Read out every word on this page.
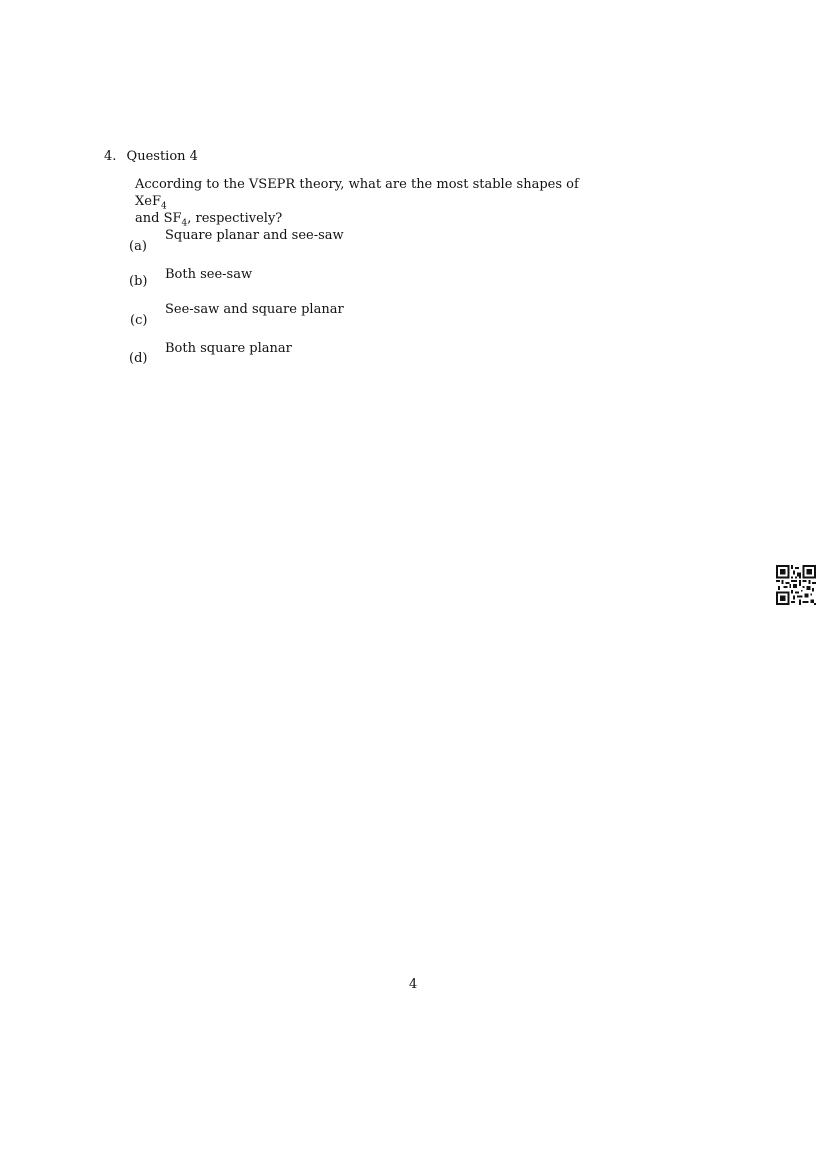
4. Question 4
According to the VSEPR theory, what are the most stable shapes of XeF$_4$
and $SF_4$, respectively?
(a)
Square planar and see-saw
(b) Both see-saw
(c)
See-saw and square planar
(d)
Both square planar
4
